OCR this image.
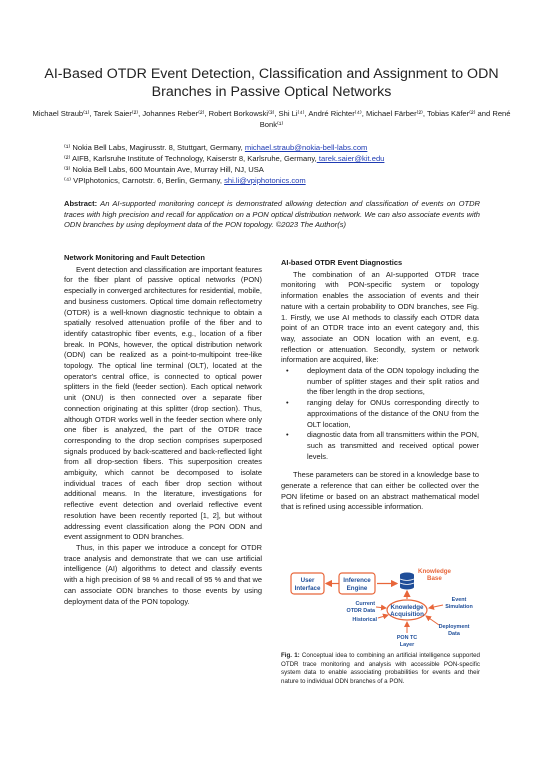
AI-Based OTDR Event Detection, Classification and Assignment to ODN Branches in Passive Optical Networks
Michael Straub⁽¹⁾, Tarek Saier⁽²⁾, Johannes Reber⁽²⁾, Robert Borkowski⁽³⁾, Shi Li⁽⁴⁾, André Richter⁽⁴⁾, Michael Färber⁽²⁾, Tobias Käfer⁽²⁾ and René Bonk⁽¹⁾
⁽¹⁾ Nokia Bell Labs, Magirusstr. 8, Stuttgart, Germany, michael.straub@nokia-bell-labs.com
⁽²⁾ AIFB, Karlsruhe Institute of Technology, Kaiserstr 8, Karlsruhe, Germany, tarek.saier@kit.edu
⁽³⁾ Nokia Bell Labs, 600 Mountain Ave, Murray Hill, NJ, USA
⁽⁴⁾ VPIphotonics, Carnotstr. 6, Berlin, Germany, shi.li@vpiphotonics.com
Abstract: An AI-supported monitoring concept is demonstrated allowing detection and classification of events on OTDR traces with high precision and recall for application on a PON optical distribution network. We can also associate events with ODN branches by using deployment data of the PON topology. ©2023 The Author(s)
Network Monitoring and Fault Detection

Event detection and classification are important features for the fiber plant of passive optical networks (PON) especially in converged architectures for residential, mobile, and business customers. Optical time domain reflectometry (OTDR) is a well-known diagnostic technique to obtain a spatially resolved attenuation profile of the fiber and to identify catastrophic fiber events, e.g., location of a fiber break. In PONs, however, the optical distribution network (ODN) can be realized as a point-to-multipoint tree-like topology. The optical line terminal (OLT), located at the operator's central office, is connected to optical power splitters in the field (feeder section). Each optical network unit (ONU) is then connected over a separate fiber connection originating at this splitter (drop section). Thus, although OTDR works well in the feeder section where only one fiber is analyzed, the part of the OTDR trace corresponding to the drop section comprises superposed signals produced by back-scattered and back-reflected light from all drop-section fibers. This superposition creates ambiguity, which cannot be decomposed to isolate individual traces of each fiber drop section without additional means. In the literature, investigations for reflective event detection and overlaid reflective event resolution have been recently reported [1, 2], but without addressing event classification along the PON ODN and event assignment to ODN branches.

Thus, in this paper we introduce a concept for OTDR trace analysis and demonstrate that we can use artificial intelligence (AI) algorithms to detect and classify events with a high precision of 98 % and recall of 95 % and that we can associate ODN branches to those events by using deployment data of the PON topology.

AI-based OTDR Event Diagnostics

The combination of an AI-supported OTDR trace monitoring with PON-specific system or topology information enables the association of events and their nature with a certain probability to ODN branches, see Fig. 1. Firstly, we use AI methods to classify each OTDR data point of an OTDR trace into an event category and, this way, associate an ODN location with an event, e.g. reflection or attenuation. Secondly, system or network information are acquired, like:

• deployment data of the ODN topology including the number of splitter stages and their split ratios and the fiber length in the drop sections,
• ranging delay for ONUs corresponding directly to approximations of the distance of the ONU from the OLT location,
• diagnostic data from all transmitters within the PON, such as transmitted and received optical power levels.

These parameters can be stored in a knowledge base to generate a reference that can either be collected over the PON lifetime or based on an abstract mathematical model that is refined using accessible information.

User
Interface
Inference
Engine
Knowledge
Base
Knowledge
Acquisition
Current
OTDR Data
Historical
Event
Simulation
Deployment
Data
PON TC
Layer
Fig. 1: Conceptual idea to combining an artificial intelligence supported OTDR trace monitoring and analysis with accessible PON-specific system data to enable associating probabilities for events and their nature to individual ODN branches of a PON.
